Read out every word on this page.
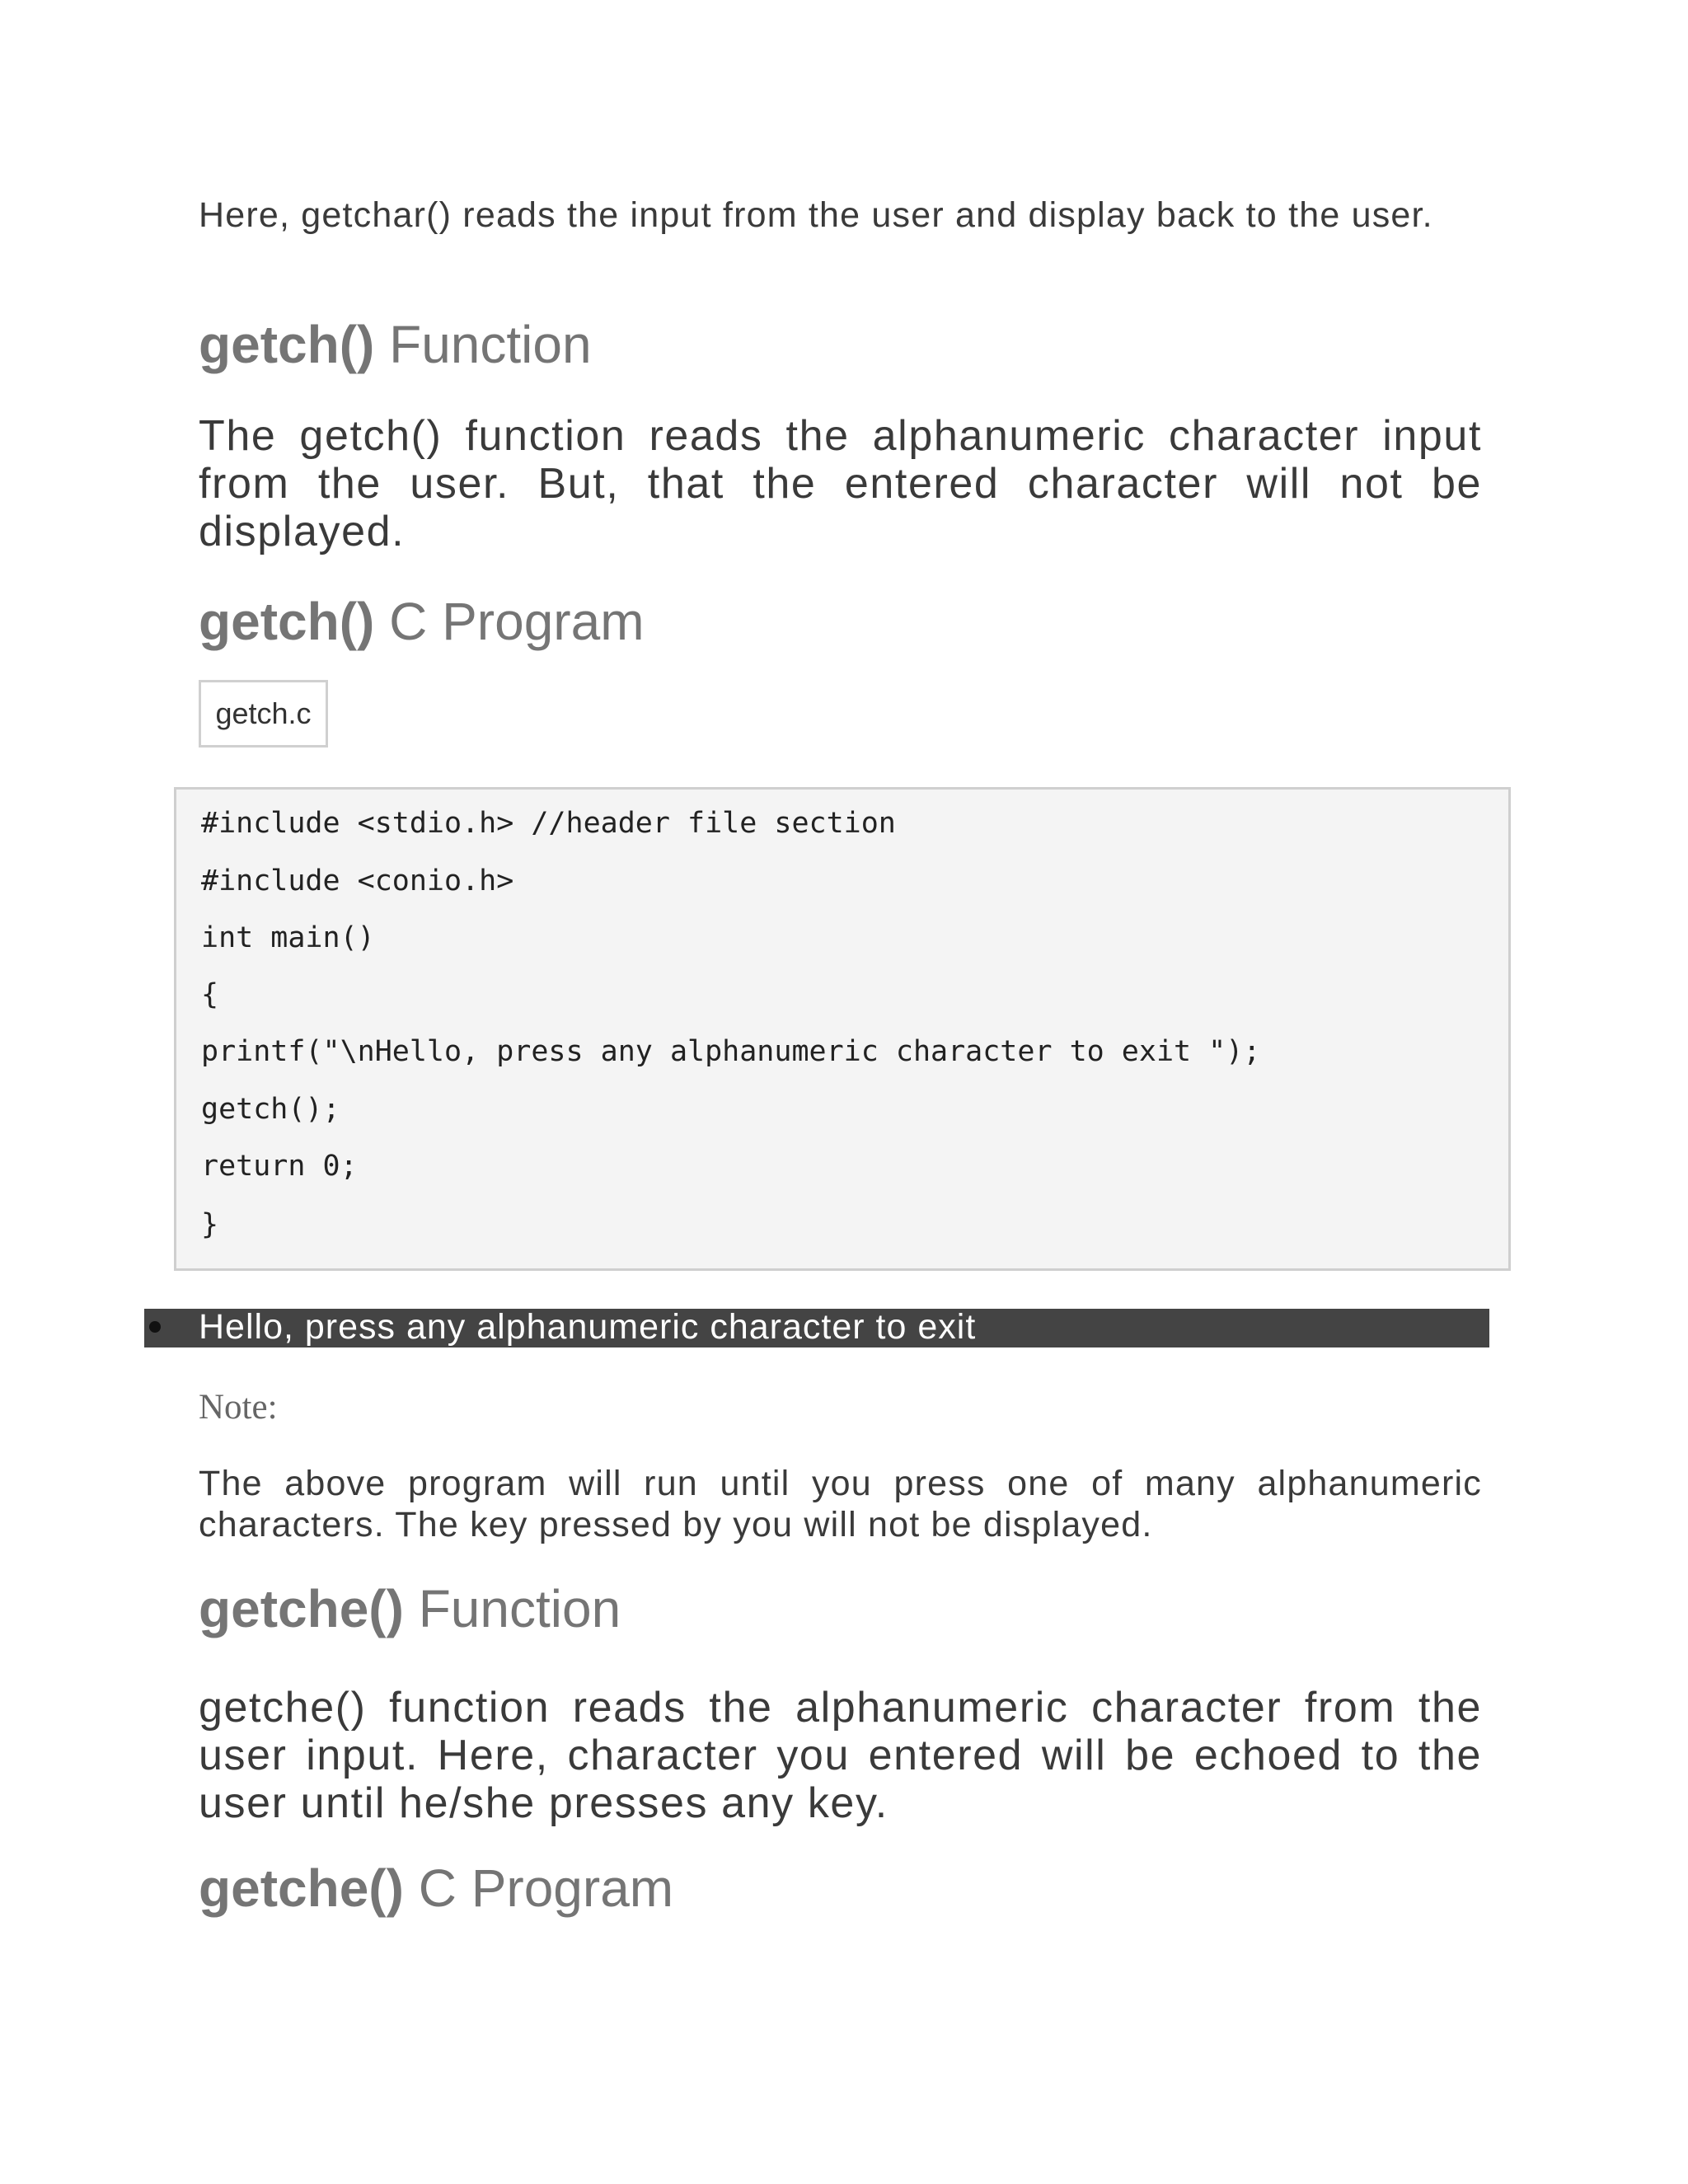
Here, getchar() reads the input from the user and display back to the user.

getch() Function

The getch() function reads the alphanumeric character input from the user. But, that the entered character will not be displayed.

getch() C Program
getch.c
#include <stdio.h> //header file section
#include <conio.h>
int main()
{
printf("\nHello, press any alphanumeric character to exit ");
getch();
return 0;
}

Hello, press any alphanumeric character to exit

Note:

The above program will run until you press one of many alphanumeric characters. The key pressed by you will not be displayed.

getche() Function

getche() function reads the alphanumeric character from the user input. Here, character you entered will be echoed to the user until he/she presses any key.

getche() C Program
